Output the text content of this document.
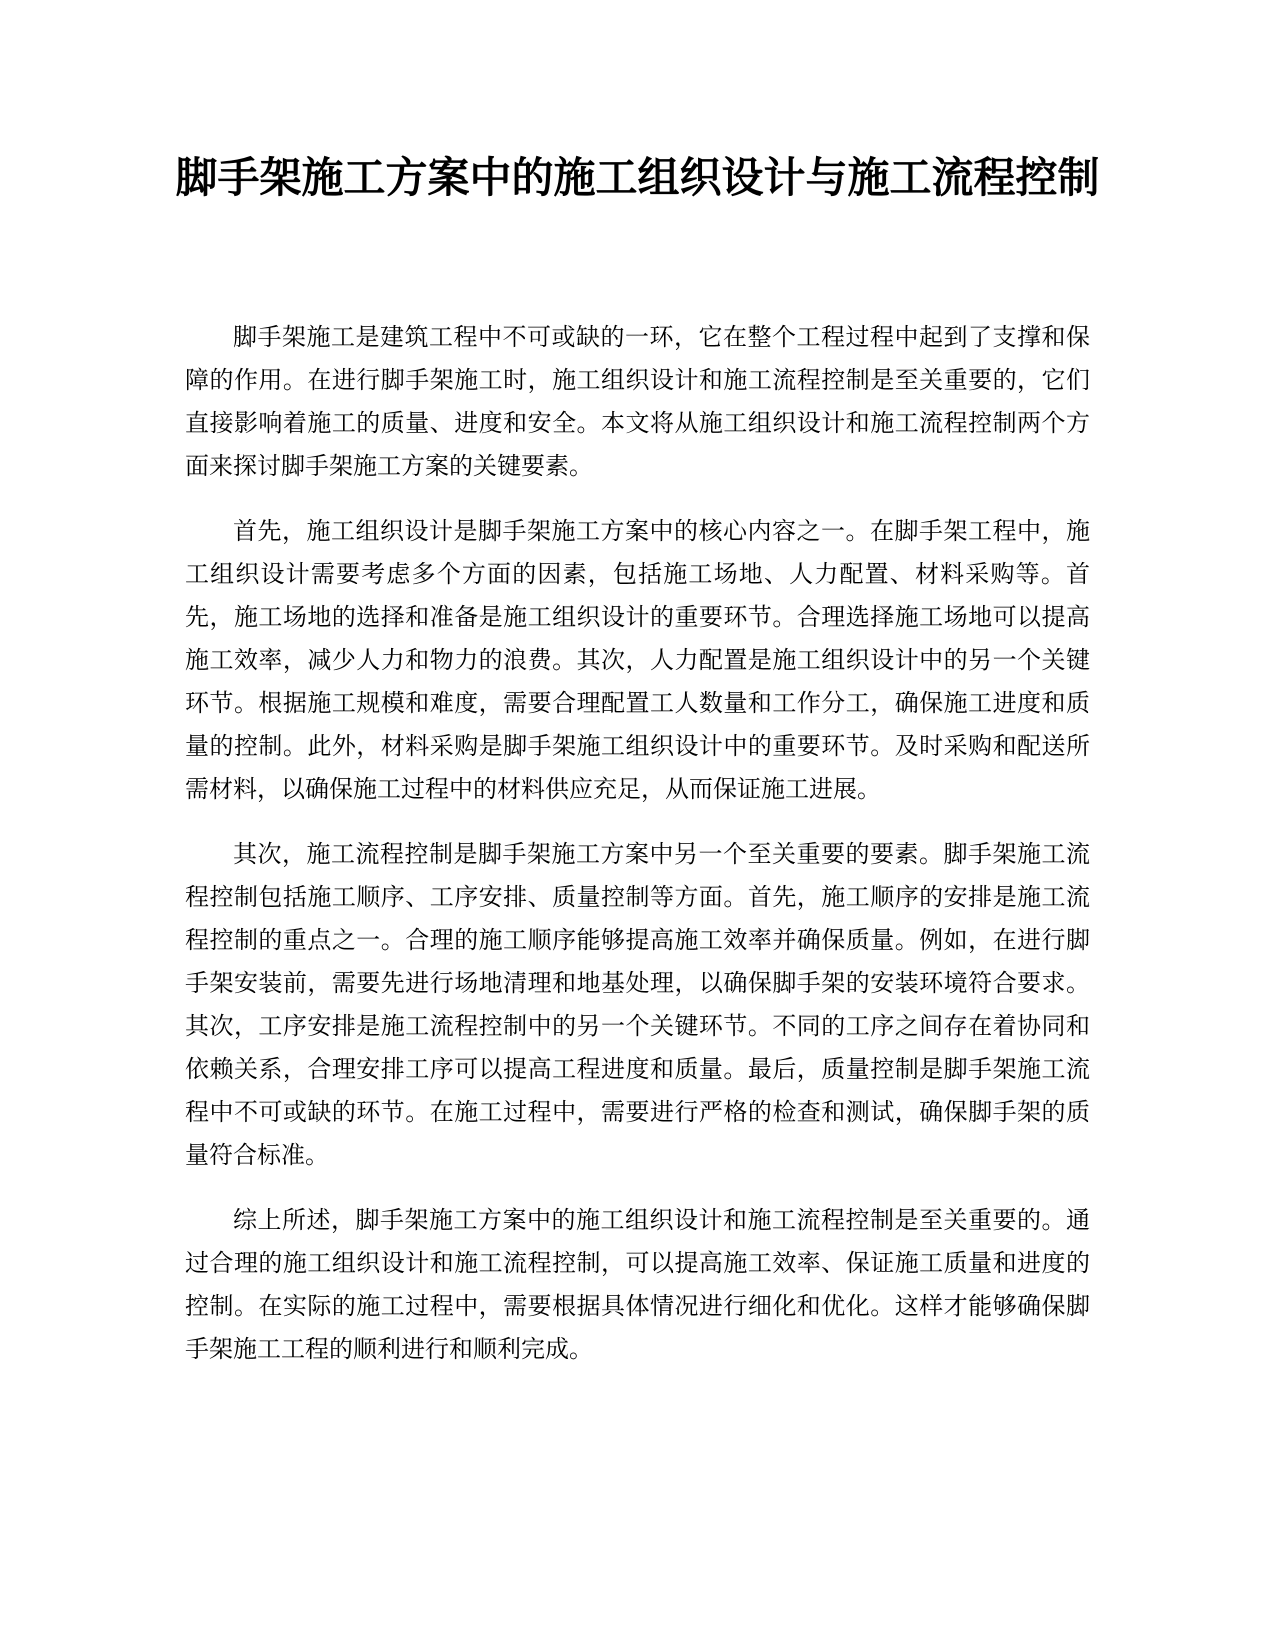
脚手架施工方案中的施工组织设计与施工流程控制

脚手架施工是建筑工程中不可或缺的一环，它在整个工程过程中起到了支撑和保障的作用。在进行脚手架施工时，施工组织设计和施工流程控制是至关重要的，它们直接影响着施工的质量、进度和安全。本文将从施工组织设计和施工流程控制两个方面来探讨脚手架施工方案的关键要素。

首先，施工组织设计是脚手架施工方案中的核心内容之一。在脚手架工程中，施工组织设计需要考虑多个方面的因素，包括施工场地、人力配置、材料采购等。首先，施工场地的选择和准备是施工组织设计的重要环节。合理选择施工场地可以提高施工效率，减少人力和物力的浪费。其次，人力配置是施工组织设计中的另一个关键环节。根据施工规模和难度，需要合理配置工人数量和工作分工，确保施工进度和质量的控制。此外，材料采购是脚手架施工组织设计中的重要环节。及时采购和配送所需材料，以确保施工过程中的材料供应充足，从而保证施工进展。

其次，施工流程控制是脚手架施工方案中另一个至关重要的要素。脚手架施工流程控制包括施工顺序、工序安排、质量控制等方面。首先，施工顺序的安排是施工流程控制的重点之一。合理的施工顺序能够提高施工效率并确保质量。例如，在进行脚手架安装前，需要先进行场地清理和地基处理，以确保脚手架的安装环境符合要求。其次，工序安排是施工流程控制中的另一个关键环节。不同的工序之间存在着协同和依赖关系，合理安排工序可以提高工程进度和质量。最后，质量控制是脚手架施工流程中不可或缺的环节。在施工过程中，需要进行严格的检查和测试，确保脚手架的质量符合标准。

综上所述，脚手架施工方案中的施工组织设计和施工流程控制是至关重要的。通过合理的施工组织设计和施工流程控制，可以提高施工效率、保证施工质量和进度的控制。在实际的施工过程中，需要根据具体情况进行细化和优化。这样才能够确保脚手架施工工程的顺利进行和顺利完成。
